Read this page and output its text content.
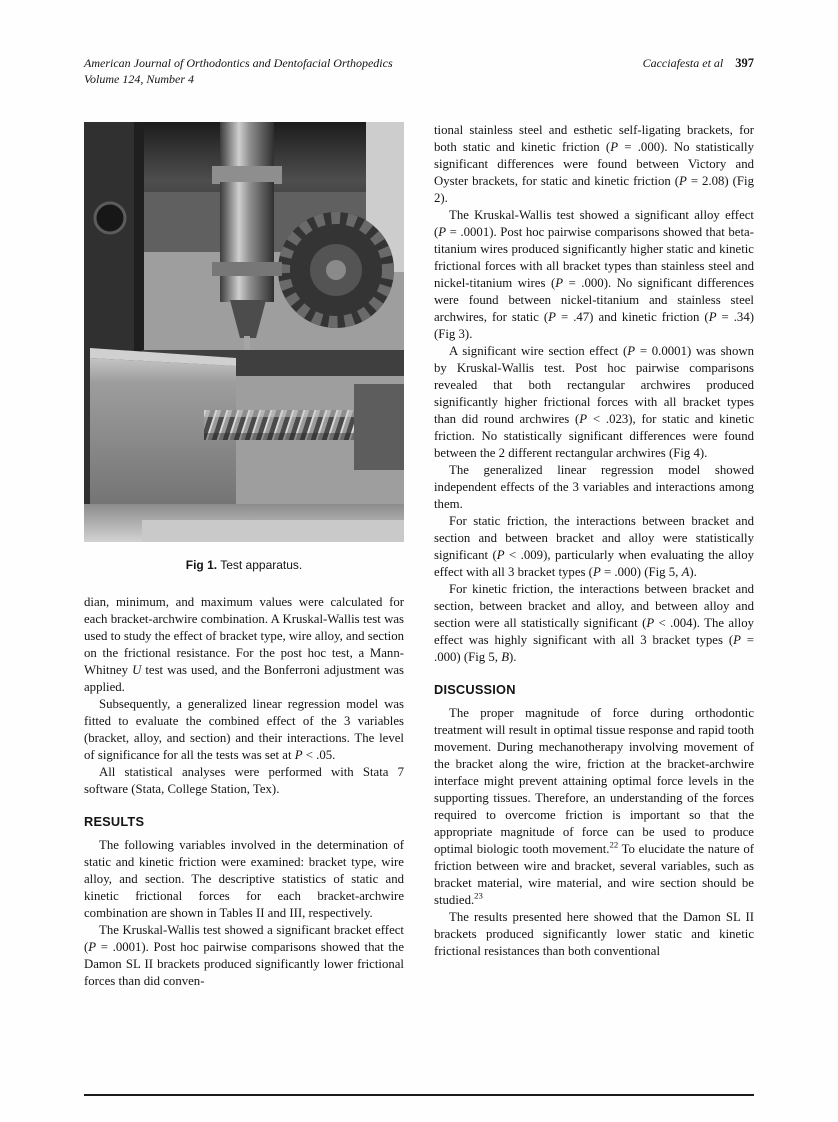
American Journal of Orthodontics and Dentofacial Orthopedics
Volume 124, Number 4
Cacciafesta et al 397
Fig 1. Test apparatus.

dian, minimum, and maximum values were calculated for each bracket-archwire combination. A Kruskal-Wallis test was used to study the effect of bracket type, wire alloy, and section on the frictional resistance. For the post hoc test, a Mann-Whitney U test was used, and the Bonferroni adjustment was applied.

Subsequently, a generalized linear regression model was fitted to evaluate the combined effect of the 3 variables (bracket, alloy, and section) and their interactions. The level of significance for all the tests was set at P < .05.

All statistical analyses were performed with Stata 7 software (Stata, College Station, Tex).

RESULTS

The following variables involved in the determination of static and kinetic friction were examined: bracket type, wire alloy, and section. The descriptive statistics of static and kinetic frictional forces for each bracket-archwire combination are shown in Tables II and III, respectively.

The Kruskal-Wallis test showed a significant bracket effect (P = .0001). Post hoc pairwise comparisons showed that the Damon SL II brackets produced significantly lower frictional forces than did conven-

tional stainless steel and esthetic self-ligating brackets, for both static and kinetic friction (P = .000). No statistically significant differences were found between Victory and Oyster brackets, for static and kinetic friction (P = 2.08) (Fig 2).

The Kruskal-Wallis test showed a significant alloy effect (P = .0001). Post hoc pairwise comparisons showed that beta-titanium wires produced significantly higher static and kinetic frictional forces with all bracket types than stainless steel and nickel-titanium wires (P = .000). No significant differences were found between nickel-titanium and stainless steel archwires, for static (P = .47) and kinetic friction (P = .34) (Fig 3).

A significant wire section effect (P = 0.0001) was shown by Kruskal-Wallis test. Post hoc pairwise comparisons revealed that both rectangular archwires produced significantly higher frictional forces with all bracket types than did round archwires (P < .023), for static and kinetic friction. No statistically significant differences were found between the 2 different rectangular archwires (Fig 4).

The generalized linear regression model showed independent effects of the 3 variables and interactions among them.

For static friction, the interactions between bracket and section and between bracket and alloy were statistically significant (P < .009), particularly when evaluating the alloy effect with all 3 bracket types (P = .000) (Fig 5, A).

For kinetic friction, the interactions between bracket and section, between bracket and alloy, and between alloy and section were all statistically significant (P < .004). The alloy effect was highly significant with all 3 bracket types (P = .000) (Fig 5, B).

DISCUSSION

The proper magnitude of force during orthodontic treatment will result in optimal tissue response and rapid tooth movement. During mechanotherapy involving movement of the bracket along the wire, friction at the bracket-archwire interface might prevent attaining optimal force levels in the supporting tissues. Therefore, an understanding of the forces required to overcome friction is important so that the appropriate magnitude of force can be used to produce optimal biologic tooth movement.$^{22}$ To elucidate the nature of friction between wire and bracket, several variables, such as bracket material, wire material, and wire section should be studied.$^{23}$

The results presented here showed that the Damon SL II brackets produced significantly lower static and kinetic frictional resistances than both conventional
